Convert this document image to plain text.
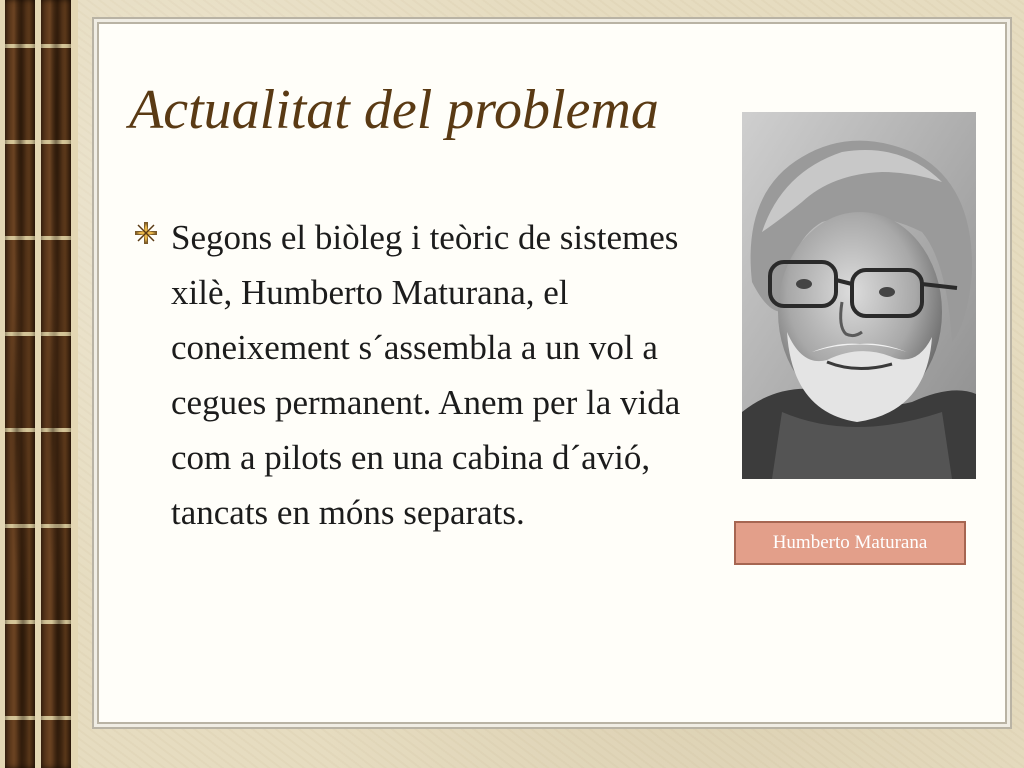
Actualitat del problema
Segons el biòleg i teòric de sistemes xilè, Humberto Maturana, el coneixement s´assembla a un vol a cegues permanent. Anem per la vida com a pilots en una cabina d´avió, tancats en móns separats.
Humberto Maturana
